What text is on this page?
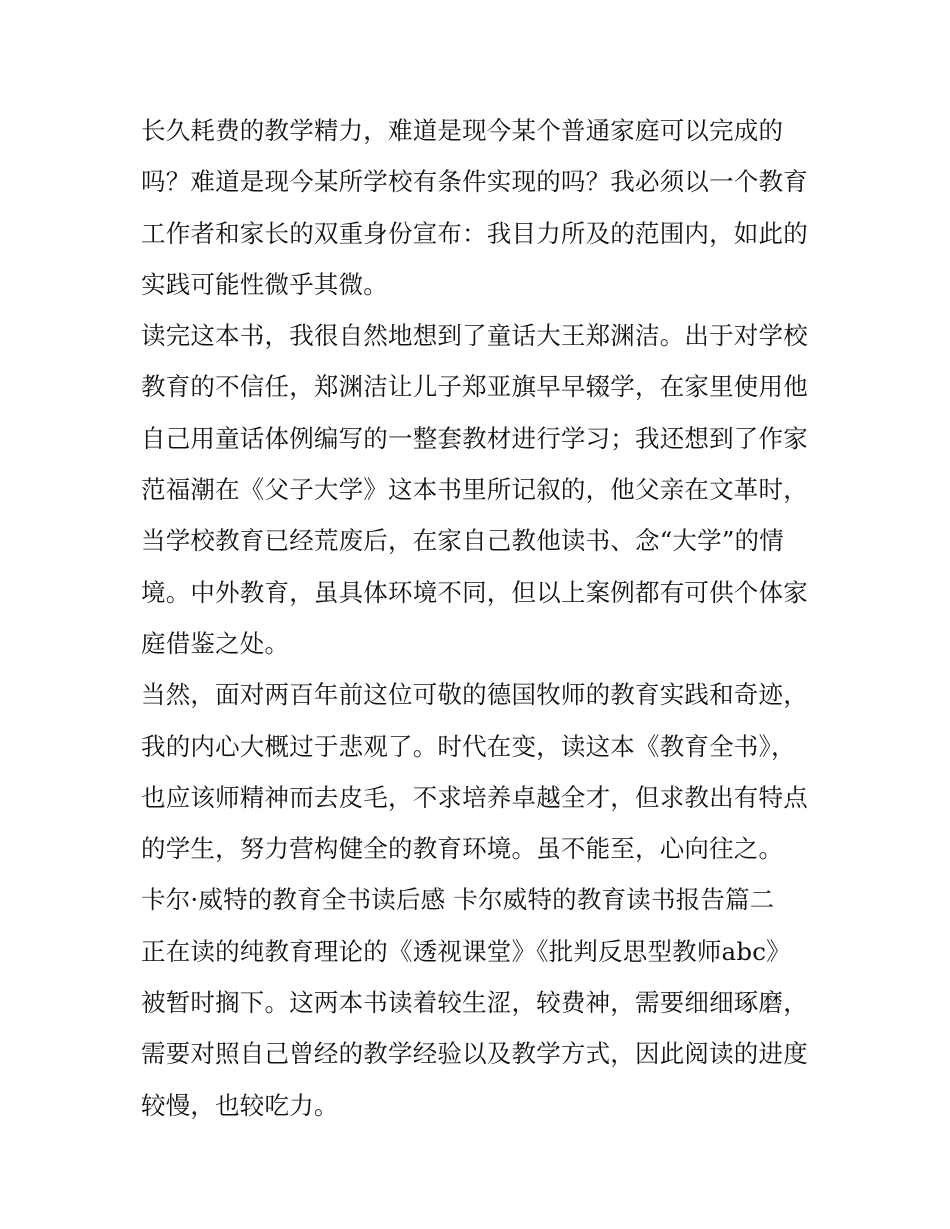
长久耗费的教学精力，难道是现今某个普通家庭可以完成的
吗？难道是现今某所学校有条件实现的吗？我必须以一个教育
工作者和家长的双重身份宣布：我目力所及的范围内，如此的
实践可能性微乎其微。
读完这本书，我很自然地想到了童话大王郑渊洁。出于对学校
教育的不信任，郑渊洁让儿子郑亚旗早早辍学，在家里使用他
自己用童话体例编写的一整套教材进行学习；我还想到了作家
范福潮在《父子大学》这本书里所记叙的，他父亲在文革时，
当学校教育已经荒废后，在家自己教他读书、念“大学”的情
境。中外教育，虽具体环境不同，但以上案例都有可供个体家
庭借鉴之处。
当然，面对两百年前这位可敬的德国牧师的教育实践和奇迹，
我的内心大概过于悲观了。时代在变，读这本《教育全书》，
也应该师精神而去皮毛，不求培养卓越全才，但求教出有特点
的学生，努力营构健全的教育环境。虽不能至，心向往之。
卡尔·威特的教育全书读后感 卡尔威特的教育读书报告篇二
正在读的纯教育理论的《透视课堂》《批判反思型教师abc》
被暂时搁下。这两本书读着较生涩，较费神，需要细细琢磨，
需要对照自己曾经的教学经验以及教学方式，因此阅读的进度
较慢，也较吃力。
